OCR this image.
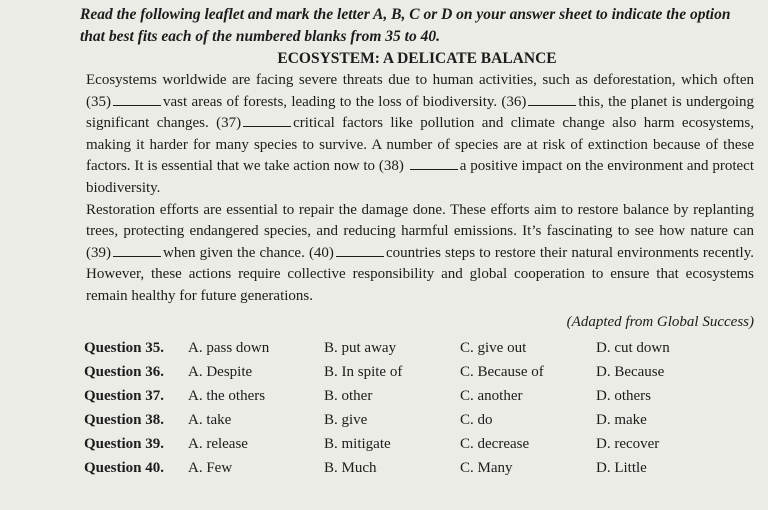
Read the following leaflet and mark the letter A, B, C or D on your answer sheet to indicate the option that best fits each of the numbered blanks from 35 to 40.

ECOSYSTEM: A DELICATE BALANCE

Ecosystems worldwide are facing severe threats due to human activities, such as deforestation, which often (35)	vast areas of forests, leading to the loss of biodiversity. (36)	this, the planet is undergoing significant changes. (37)	critical factors like pollution and climate change also harm ecosystems, making it harder for many species to survive. A number of species are at risk of extinction because of these factors. It is essential that we take action now to (38)	a positive impact on the environment and protect biodiversity.

Restoration efforts are essential to repair the damage done. These efforts aim to restore balance by replanting trees, protecting endangered species, and reducing harmful emissions. It’s fascinating to see how nature can (39)	when given the chance. (40)	countries steps to restore their natural environments recently. However, these actions require collective responsibility and global cooperation to ensure that ecosystems remain healthy for future generations.

(Adapted from Global Success)

Question 35.	A. pass down	B. put away	C. give out	D. cut down
Question 36.	A. Despite	B. In spite of	C. Because of	D. Because
Question 37.	A. the others	B. other	C. another	D. others
Question 38.	A. take	B. give	C. do	D. make
Question 39.	A. release	B. mitigate	C. decrease	D. recover
Question 40.	A. Few	B. Much	C. Many	D. Little
